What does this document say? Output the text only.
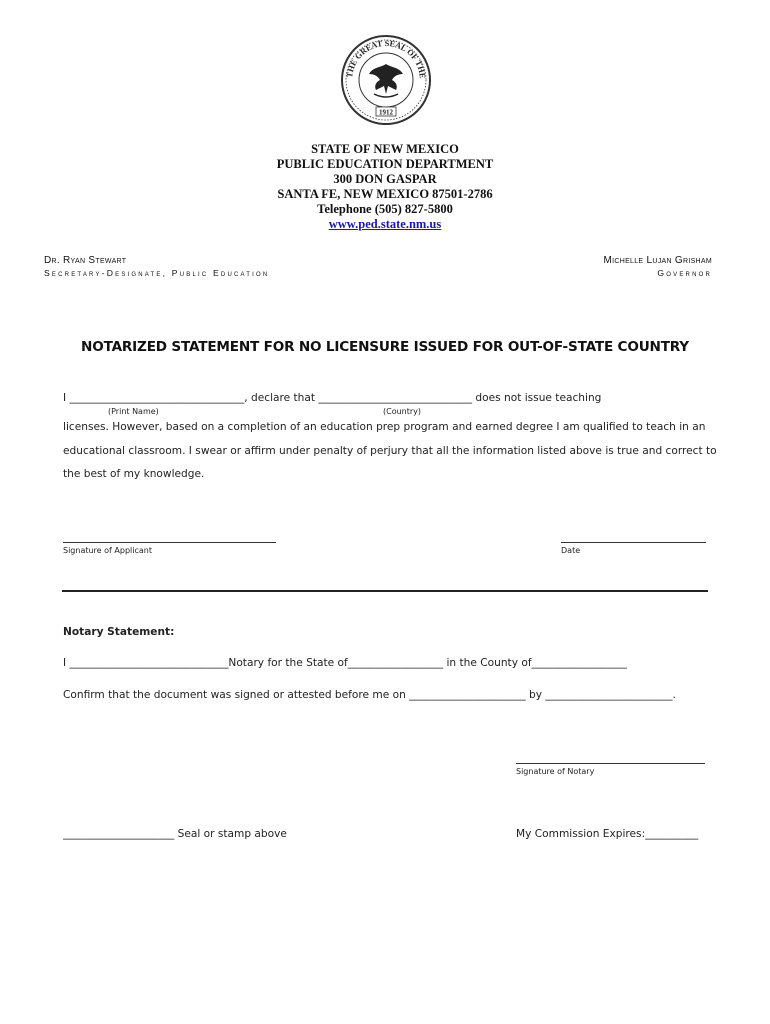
THE GREAT SEAL OF THE
1912
STATE OF NEW MEXICO
PUBLIC EDUCATION DEPARTMENT
300 DON GASPAR
SANTA FE, NEW MEXICO 87501-2786
Telephone (505) 827-5800
www.ped.state.nm.us
Dr. Ryan Stewart
Secretary-Designate, Public Education
Michelle Lujan Grisham
Governor
NOTARIZED STATEMENT FOR NO LICENSURE ISSUED FOR OUT-OF-STATE COUNTRY
I _________________________________, declare that _____________________________ does not issue teaching
(Print Name)	(Country)
licenses. However, based on a completion of an education prep program and earned degree I am qualified to teach in an
educational classroom. I swear or affirm under penalty of perjury that all the information listed above is true and correct to
the best of my knowledge.
Signature of Applicant	Date
Notary Statement:
I ______________________________Notary for the State of__________________ in the County of__________________
Confirm that the document was signed or attested before me on ______________________ by ________________________.
Signature of Notary
_____________________ Seal or stamp above	My Commission Expires:__________
